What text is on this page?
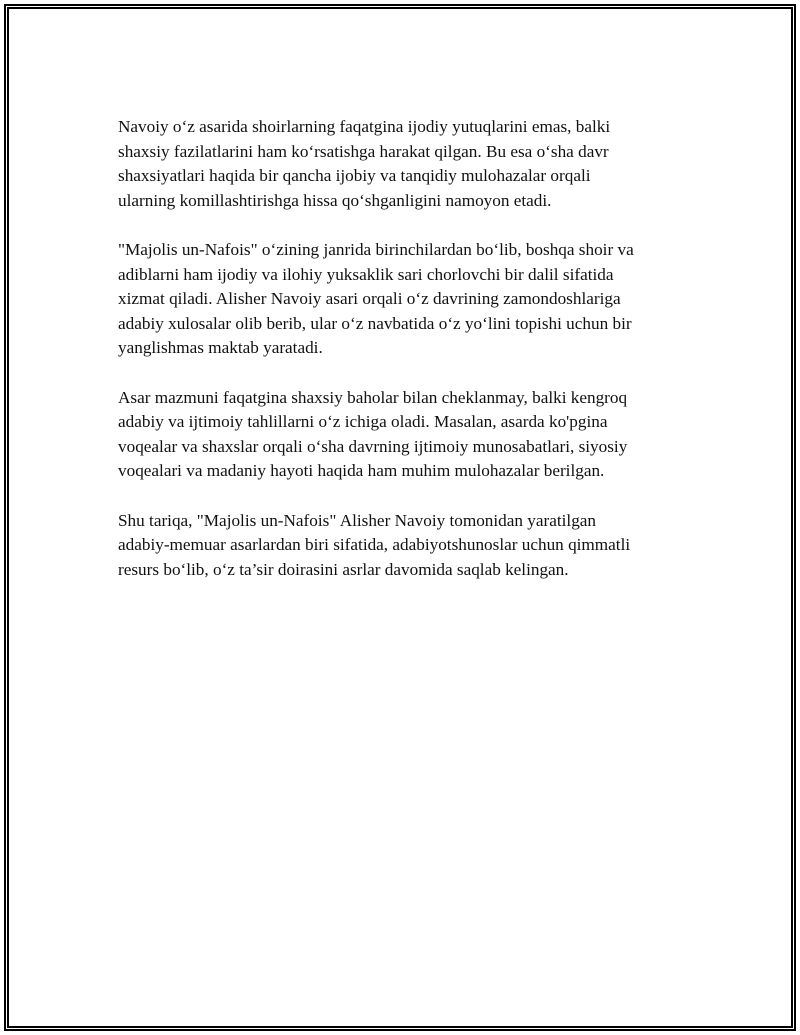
Navoiy o‘z asarida shoirlarning faqatgina ijodiy yutuqlarini emas, balki
shaxsiy fazilatlarini ham ko‘rsatishga harakat qilgan. Bu esa o‘sha davr
shaxsiyatlari haqida bir qancha ijobiy va tanqidiy mulohazalar orqali
ularning komillashtirishga hissa qo‘shganligini namoyon etadi.

"Majolis un-Nafois" o‘zining janrida birinchilardan bo‘lib, boshqa shoir va
adiblarni ham ijodiy va ilohiy yuksaklik sari chorlovchi bir dalil sifatida
xizmat qiladi. Alisher Navoiy asari orqali o‘z davrining zamondoshlariga
adabiy xulosalar olib berib, ular o‘z navbatida o‘z yo‘lini topishi uchun bir
yanglishmas maktab yaratadi.

Asar mazmuni faqatgina shaxsiy baholar bilan cheklanmay, balki kengroq
adabiy va ijtimoiy tahlillarni o‘z ichiga oladi. Masalan, asarda ko'pgina
voqealar va shaxslar orqali o‘sha davrning ijtimoiy munosabatlari, siyosiy
voqealari va madaniy hayoti haqida ham muhim mulohazalar berilgan.

Shu tariqa, "Majolis un-Nafois" Alisher Navoiy tomonidan yaratilgan
adabiy-memuar asarlardan biri sifatida, adabiyotshunoslar uchun qimmatli
resurs bo‘lib, o‘z ta’sir doirasini asrlar davomida saqlab kelingan.
